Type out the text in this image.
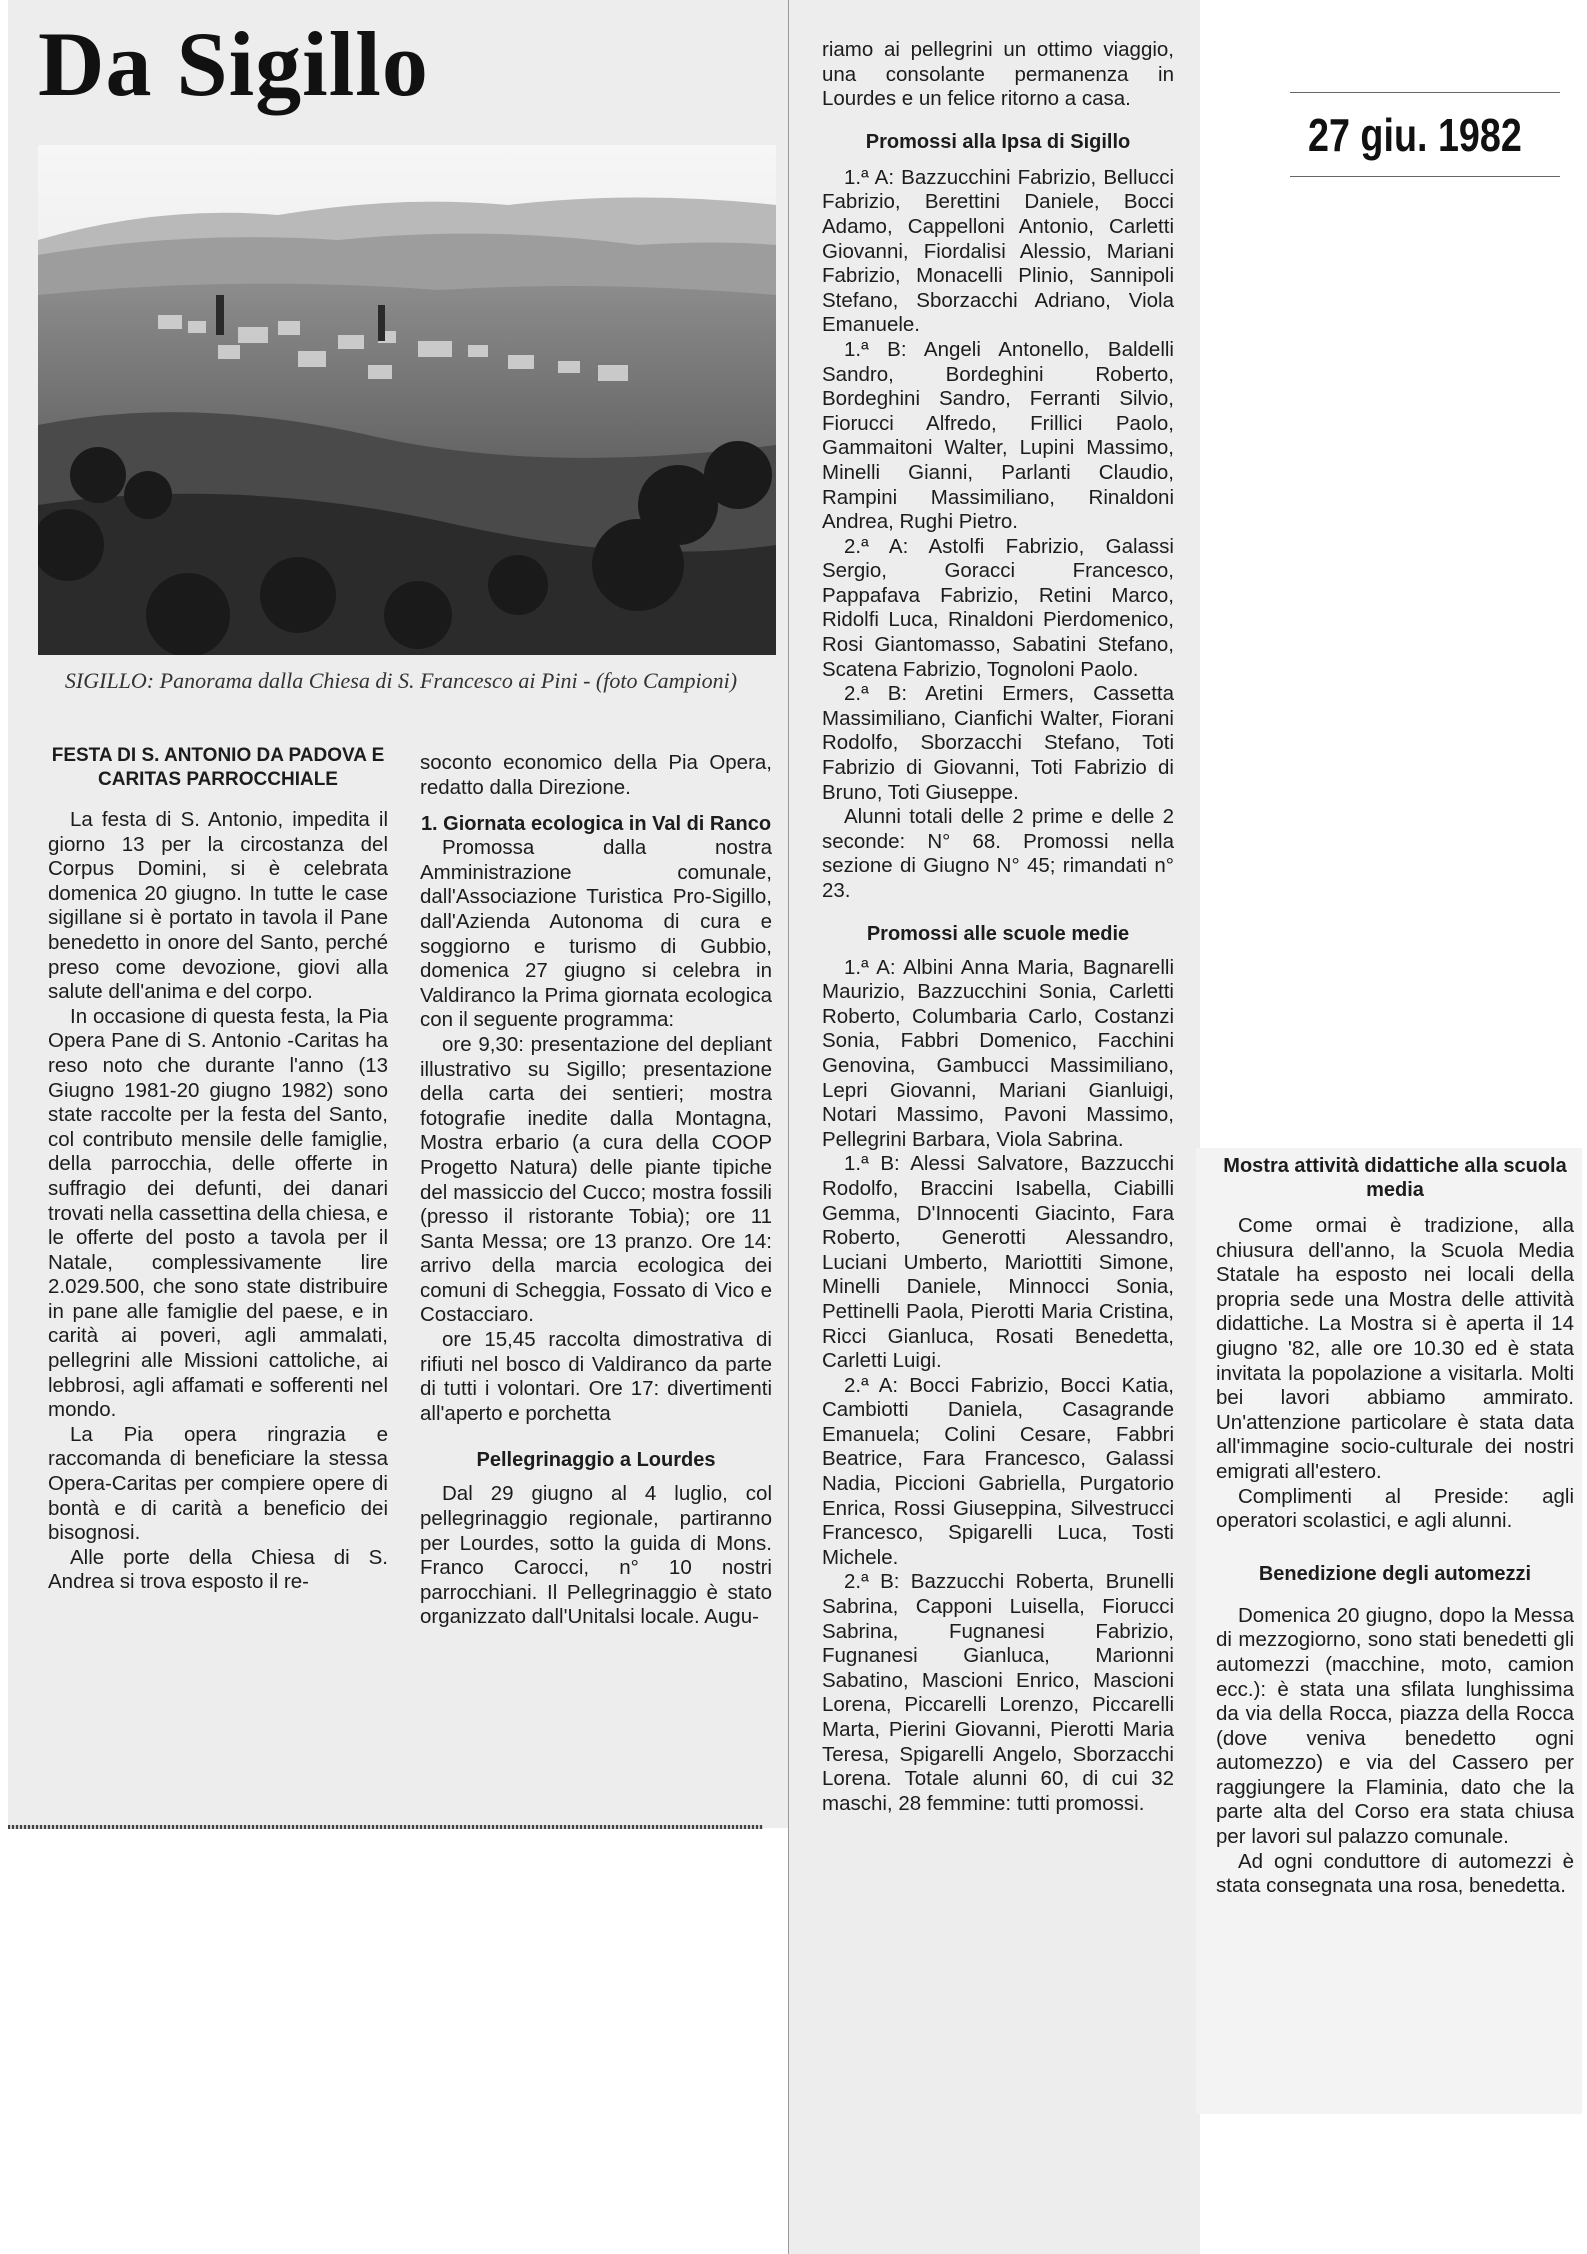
Da Sigillo
27 giu. 1982
SIGILLO: Panorama dalla Chiesa di S. Francesco ai Pini - (foto Campioni)
FESTA DI S. ANTONIO DA PADOVA E CARITAS PARROCCHIALE

La festa di S. Antonio, impedita il giorno 13 per la circostanza del Corpus Domini, si è celebrata domenica 20 giugno. In tutte le case sigillane si è portato in tavola il Pane benedetto in onore del Santo, perché preso come devozione, giovi alla salute dell'anima e del corpo.

In occasione di questa festa, la Pia Opera Pane di S. Antonio -Caritas ha reso noto che durante l'anno (13 Giugno 1981-20 giugno 1982) sono state raccolte per la festa del Santo, col contributo mensile delle famiglie, della parrocchia, delle offerte in suffragio dei defunti, dei danari trovati nella cassettina della chiesa, e le offerte del posto a tavola per il Natale, complessivamente lire 2.029.500, che sono state distribuire in pane alle famiglie del paese, e in carità ai poveri, agli ammalati, pellegrini alle Missioni cattoliche, ai lebbrosi, agli affamati e sofferenti nel mondo.

La Pia opera ringrazia e raccomanda di beneficiare la stessa Opera-Caritas per compiere opere di bontà e di carità a beneficio dei bisognosi.

Alle porte della Chiesa di S. Andrea si trova esposto il re-

soconto economico della Pia Opera, redatto dalla Direzione.

1. Giornata ecologica in Val di Ranco

Promossa dalla nostra Amministrazione comunale, dall'Associazione Turistica Pro-Sigillo, dall'Azienda Autonoma di cura e soggiorno e turismo di Gubbio, domenica 27 giugno si celebra in Valdiranco la Prima giornata ecologica con il seguente programma:

ore 9,30: presentazione del depliant illustrativo su Sigillo; presentazione della carta dei sentieri; mostra fotografie inedite dalla Montagna, Mostra erbario (a cura della COOP Progetto Natura) delle piante tipiche del massiccio del Cucco; mostra fossili (presso il ristorante Tobia); ore 11 Santa Messa; ore 13 pranzo. Ore 14: arrivo della marcia ecologica dei comuni di Scheggia, Fossato di Vico e Costacciaro.

ore 15,45 raccolta dimostrativa di rifiuti nel bosco di Valdiranco da parte di tutti i volontari. Ore 17: divertimenti all'aperto e porchetta

Pellegrinaggio a Lourdes

Dal 29 giugno al 4 luglio, col pellegrinaggio regionale, partiranno per Lourdes, sotto la guida di Mons. Franco Carocci, n° 10 nostri parrocchiani. Il Pellegrinaggio è stato organizzato dall'Unitalsi locale. Augu-

riamo ai pellegrini un ottimo viaggio, una consolante permanenza in Lourdes e un felice ritorno a casa.

Promossi alla Ipsa di Sigillo

1.ª A: Bazzucchini Fabrizio, Bellucci Fabrizio, Berettini Daniele, Bocci Adamo, Cappelloni Antonio, Carletti Giovanni, Fiordalisi Alessio, Mariani Fabrizio, Monacelli Plinio, Sannipoli Stefano, Sborzacchi Adriano, Viola Emanuele.

1.ª B: Angeli Antonello, Baldelli Sandro, Bordeghini Roberto, Bordeghini Sandro, Ferranti Silvio, Fiorucci Alfredo, Frillici Paolo, Gammaitoni Walter, Lupini Massimo, Minelli Gianni, Parlanti Claudio, Rampini Massimiliano, Rinaldoni Andrea, Rughi Pietro.

2.ª A: Astolfi Fabrizio, Galassi Sergio, Goracci Francesco, Pappafava Fabrizio, Retini Marco, Ridolfi Luca, Rinaldoni Pierdomenico, Rosi Giantomasso, Sabatini Stefano, Scatena Fabrizio, Tognoloni Paolo.

2.ª B: Aretini Ermers, Cassetta Massimiliano, Cianfichi Walter, Fiorani Rodolfo, Sborzacchi Stefano, Toti Fabrizio di Giovanni, Toti Fabrizio di Bruno, Toti Giuseppe.

Alunni totali delle 2 prime e delle 2 seconde: N° 68. Promossi nella sezione di Giugno N° 45; rimandati n° 23.

Promossi alle scuole medie

1.ª A: Albini Anna Maria, Bagnarelli Maurizio, Bazzucchini Sonia, Carletti Roberto, Columbaria Carlo, Costanzi Sonia, Fabbri Domenico, Facchini Genovina, Gambucci Massimiliano, Lepri Giovanni, Mariani Gianluigi, Notari Massimo, Pavoni Massimo, Pellegrini Barbara, Viola Sabrina.

1.ª B: Alessi Salvatore, Bazzucchi Rodolfo, Braccini Isabella, Ciabilli Gemma, D'Innocenti Giacinto, Fara Roberto, Generotti Alessandro, Luciani Umberto, Mariottiti Simone, Minelli Daniele, Minnocci Sonia, Pettinelli Paola, Pierotti Maria Cristina, Ricci Gianluca, Rosati Benedetta, Carletti Luigi.

2.ª A: Bocci Fabrizio, Bocci Katia, Cambiotti Daniela, Casagrande Emanuela; Colini Cesare, Fabbri Beatrice, Fara Francesco, Galassi Nadia, Piccioni Gabriella, Purgatorio Enrica, Rossi Giuseppina, Silvestrucci Francesco, Spigarelli Luca, Tosti Michele.

2.ª B: Bazzucchi Roberta, Brunelli Sabrina, Capponi Luisella, Fiorucci Sabrina, Fugnanesi Fabrizio, Fugnanesi Gianluca, Marionni Sabatino, Mascioni Enrico, Mascioni Lorena, Piccarelli Lorenzo, Piccarelli Marta, Pierini Giovanni, Pierotti Maria Teresa, Spigarelli Angelo, Sborzacchi Lorena. Totale alunni 60, di cui 32 maschi, 28 femmine: tutti promossi.

Mostra attività didattiche alla scuola media

Come ormai è tradizione, alla chiusura dell'anno, la Scuola Media Statale ha esposto nei locali della propria sede una Mostra delle attività didattiche. La Mostra si è aperta il 14 giugno '82, alle ore 10.30 ed è stata invitata la popolazione a visitarla. Molti bei lavori abbiamo ammirato. Un'attenzione particolare è stata data all'immagine socio-culturale dei nostri emigrati all'estero.

Complimenti al Preside: agli operatori scolastici, e agli alunni.

Benedizione degli automezzi

Domenica 20 giugno, dopo la Messa di mezzogiorno, sono stati benedetti gli automezzi (macchine, moto, camion ecc.): è stata una sfilata lunghissima da via della Rocca, piazza della Rocca (dove veniva benedetto ogni automezzo) e via del Cassero per raggiungere la Flaminia, dato che la parte alta del Corso era stata chiusa per lavori sul palazzo comunale.

Ad ogni conduttore di automezzi è stata consegnata una rosa, benedetta.
